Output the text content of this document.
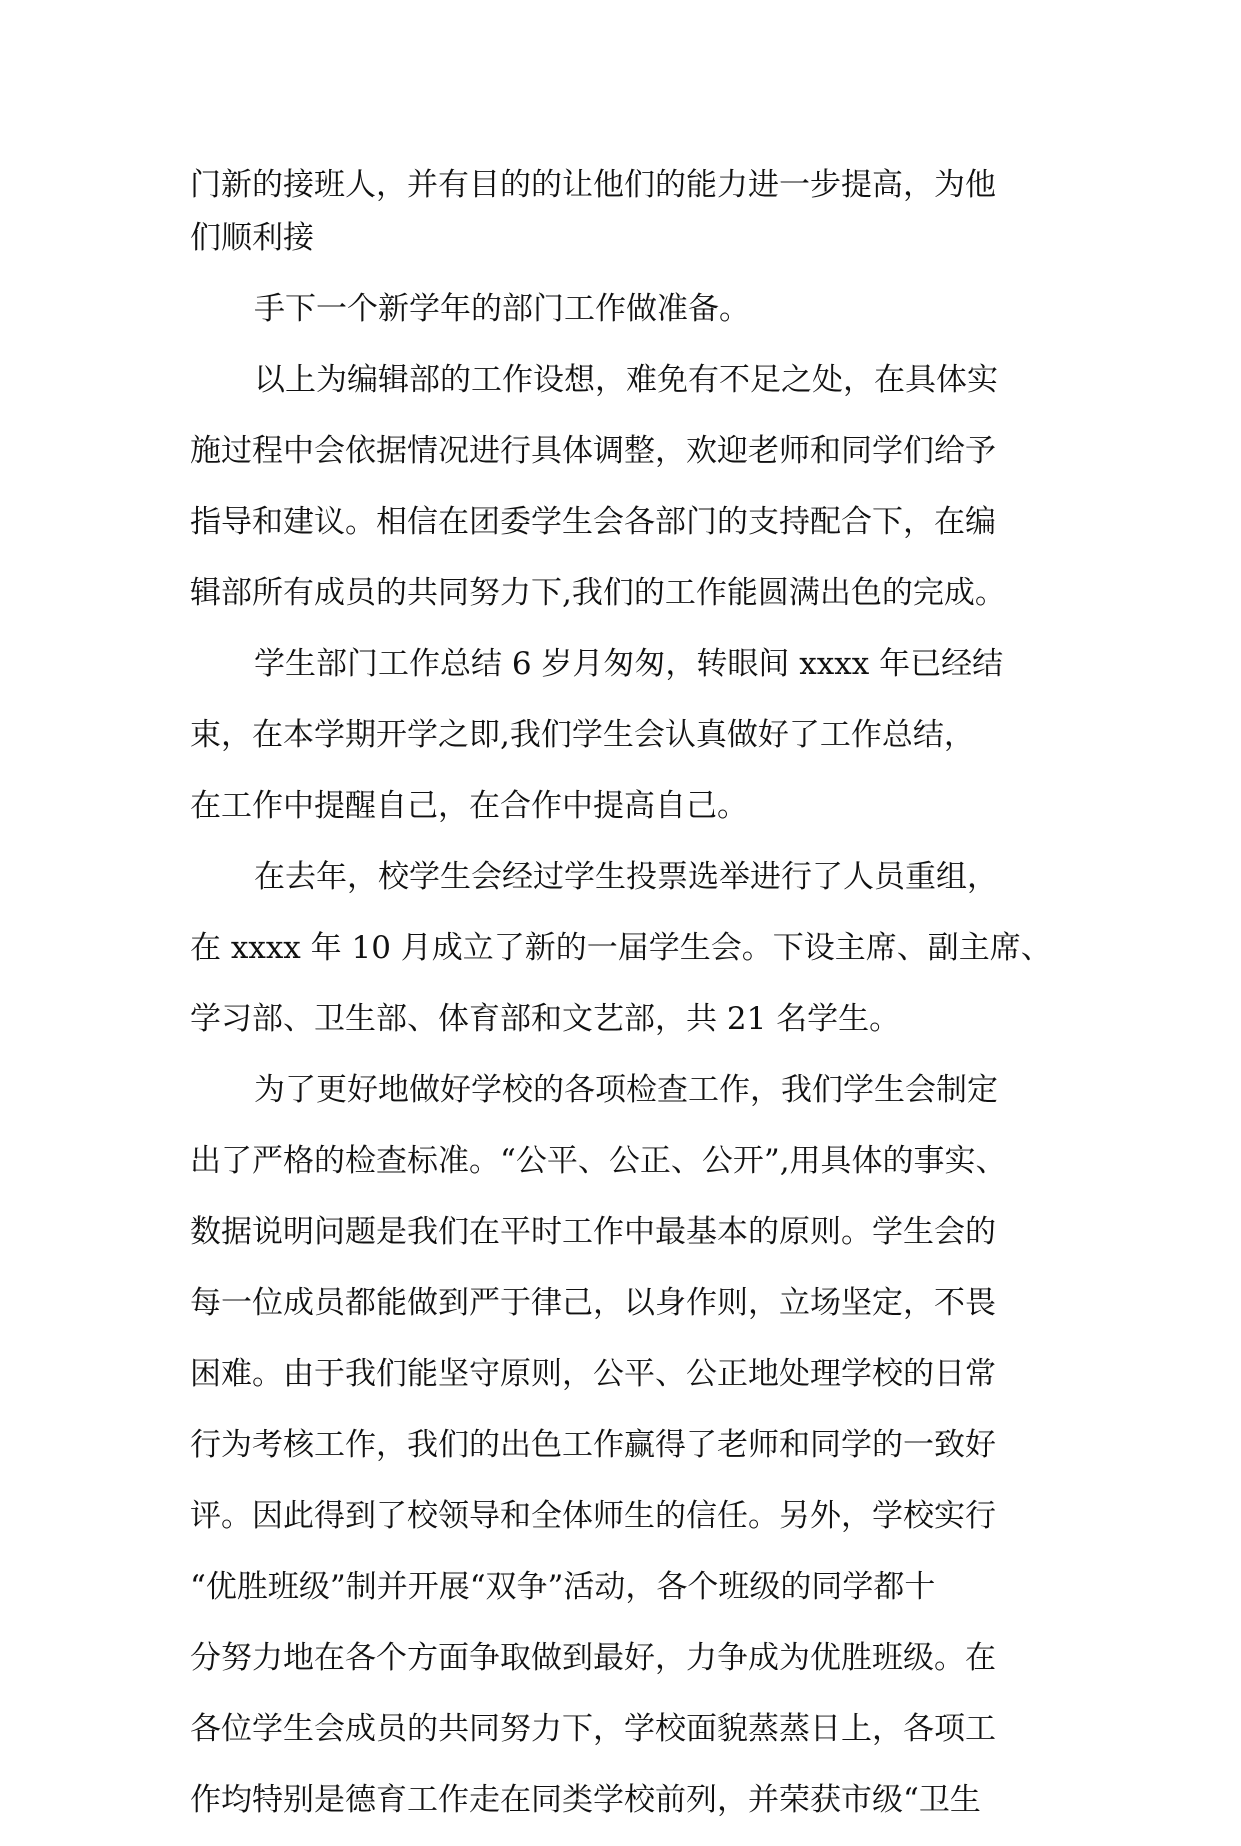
门新的接班人，并有目的的让他们的能力进一步提高，为他
们顺利接
手下一个新学年的部门工作做准备。
以上为编辑部的工作设想，难免有不足之处，在具体实
施过程中会依据情况进行具体调整，欢迎老师和同学们给予
指导和建议。相信在团委学生会各部门的支持配合下，在编
辑部所有成员的共同努力下,我们的工作能圆满出色的完成。
学生部门工作总结 6 岁月匆匆，转眼间 xxxx 年已经结
束，在本学期开学之即,我们学生会认真做好了工作总结，
在工作中提醒自己，在合作中提高自己。
在去年，校学生会经过学生投票选举进行了人员重组，
在 xxxx 年 10 月成立了新的一届学生会。下设主席、副主席、
学习部、卫生部、体育部和文艺部，共 21 名学生。
为了更好地做好学校的各项检查工作，我们学生会制定
出了严格的检查标准。“公平、公正、公开”,用具体的事实、
数据说明问题是我们在平时工作中最基本的原则。学生会的
每一位成员都能做到严于律己，以身作则，立场坚定，不畏
困难。由于我们能坚守原则，公平、公正地处理学校的日常
行为考核工作，我们的出色工作赢得了老师和同学的一致好
评。因此得到了校领导和全体师生的信任。另外，学校实行
“优胜班级”制并开展“双争”活动，各个班级的同学都十
分努力地在各个方面争取做到最好，力争成为优胜班级。在
各位学生会成员的共同努力下，学校面貌蒸蒸日上，各项工
作均特别是德育工作走在同类学校前列，并荣获市级“卫生
